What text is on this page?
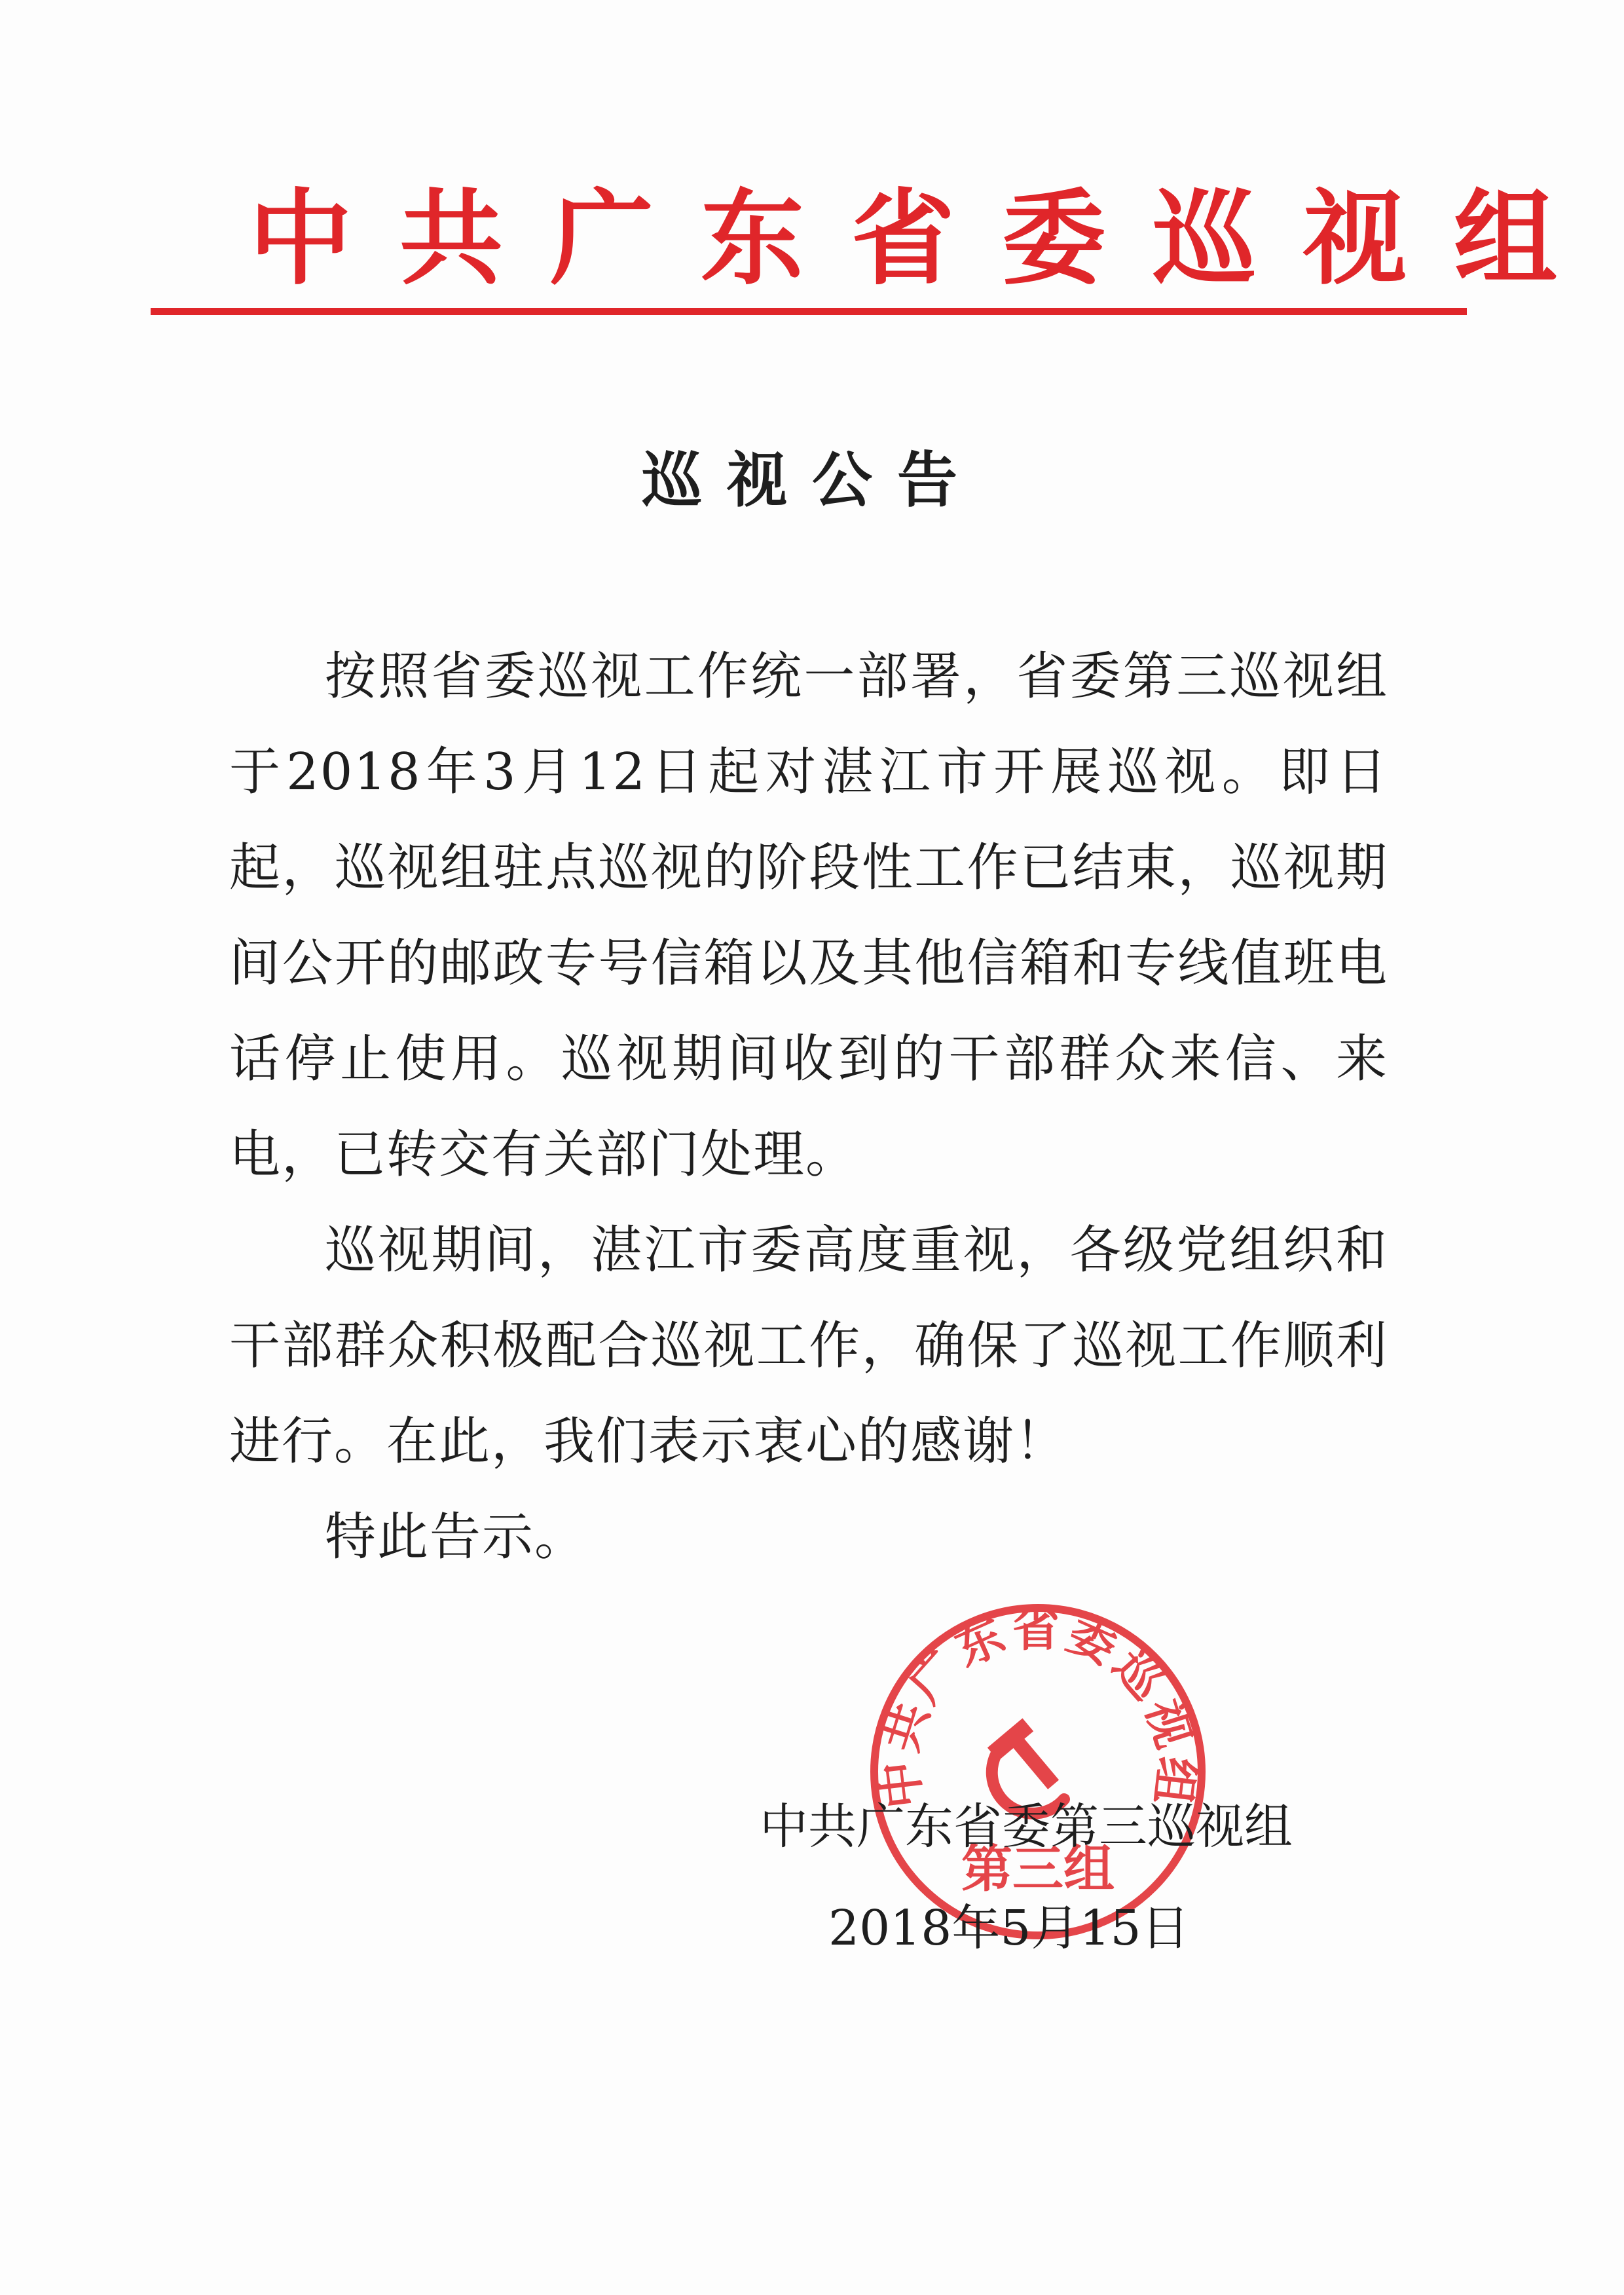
中共广东省委巡视组
巡视公告

按照省委巡视工作统一部署，省委第三巡视组于2018年3月12日起对湛江市开展巡视。即日起，巡视组驻点巡视的阶段性工作已结束，巡视期间公开的邮政专号信箱以及其他信箱和专线值班电话停止使用。巡视期间收到的干部群众来信、来电，已转交有关部门处理。

巡视期间，湛江市委高度重视，各级党组织和干部群众积极配合巡视工作，确保了巡视工作顺利进行。在此，我们表示衷心的感谢！

特此告示。

中共广东省委巡视组
第三组
中共广东省委第三巡视组
2018年5月15日
